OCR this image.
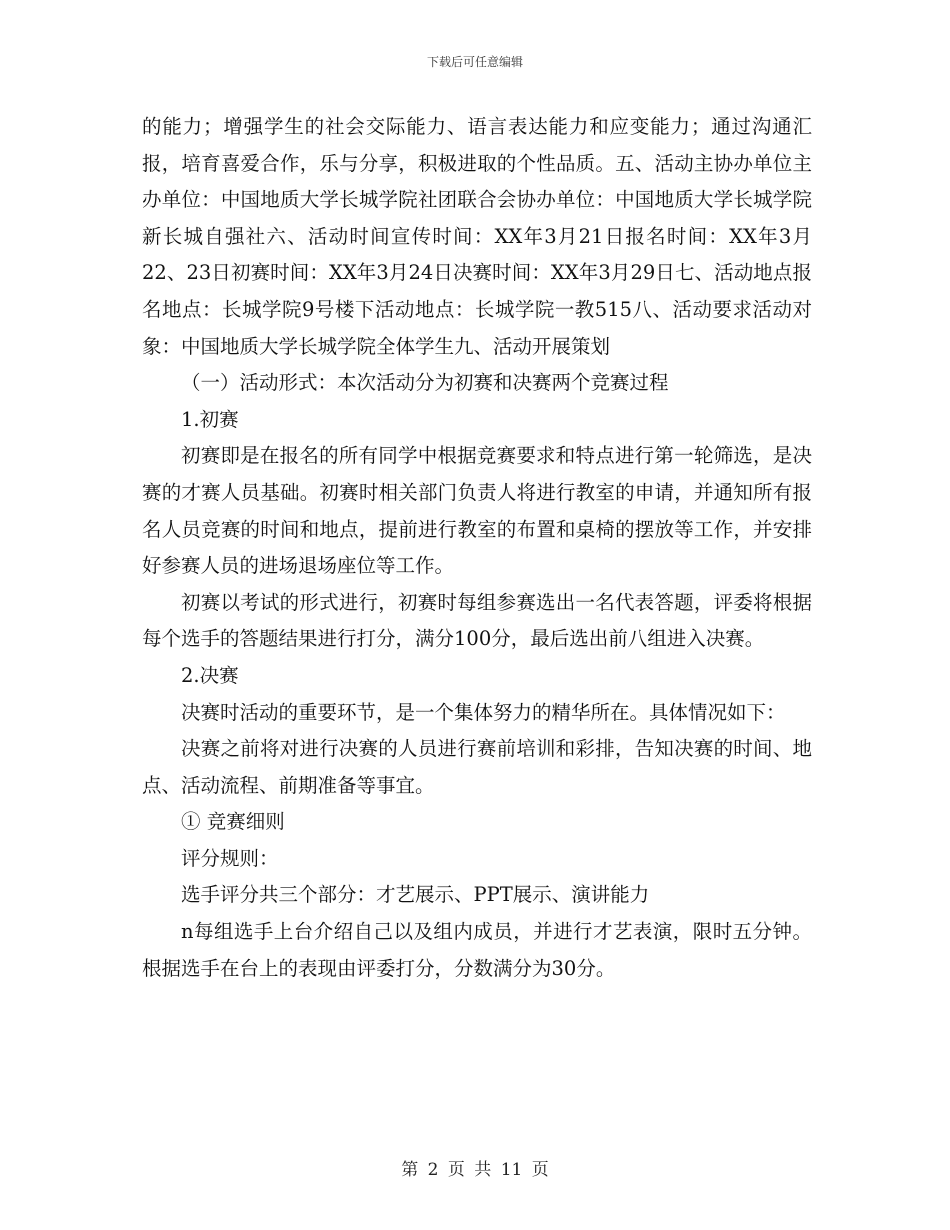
下载后可任意编辑

的能力；增强学生的社会交际能力、语言表达能力和应变能力；通过沟通汇报，培育喜爱合作，乐与分享，积极进取的个性品质。五、活动主协办单位主办单位：中国地质大学长城学院社团联合会协办单位：中国地质大学长城学院新长城自强社六、活动时间宣传时间：XX年3月21日报名时间：XX年3月22、23日初赛时间：XX年3月24日决赛时间：XX年3月29日七、活动地点报名地点：长城学院9号楼下活动地点：长城学院一教515八、活动要求活动对象：中国地质大学长城学院全体学生九、活动开展策划

（一）活动形式：本次活动分为初赛和决赛两个竞赛过程

1.初赛

初赛即是在报名的所有同学中根据竞赛要求和特点进行第一轮筛选，是决赛的才赛人员基础。初赛时相关部门负责人将进行教室的申请，并通知所有报名人员竞赛的时间和地点，提前进行教室的布置和桌椅的摆放等工作，并安排好参赛人员的进场退场座位等工作。

初赛以考试的形式进行，初赛时每组参赛选出一名代表答题，评委将根据每个选手的答题结果进行打分，满分100分，最后选出前八组进入决赛。

2.决赛

决赛时活动的重要环节，是一个集体努力的精华所在。具体情况如下：

决赛之前将对进行决赛的人员进行赛前培训和彩排，告知决赛的时间、地点、活动流程、前期准备等事宜。

① 竞赛细则

评分规则：

选手评分共三个部分：才艺展示、PPT展示、演讲能力

n每组选手上台介绍自己以及组内成员，并进行才艺表演，限时五分钟。根据选手在台上的表现由评委打分，分数满分为30分。

第 2 页 共 11 页
